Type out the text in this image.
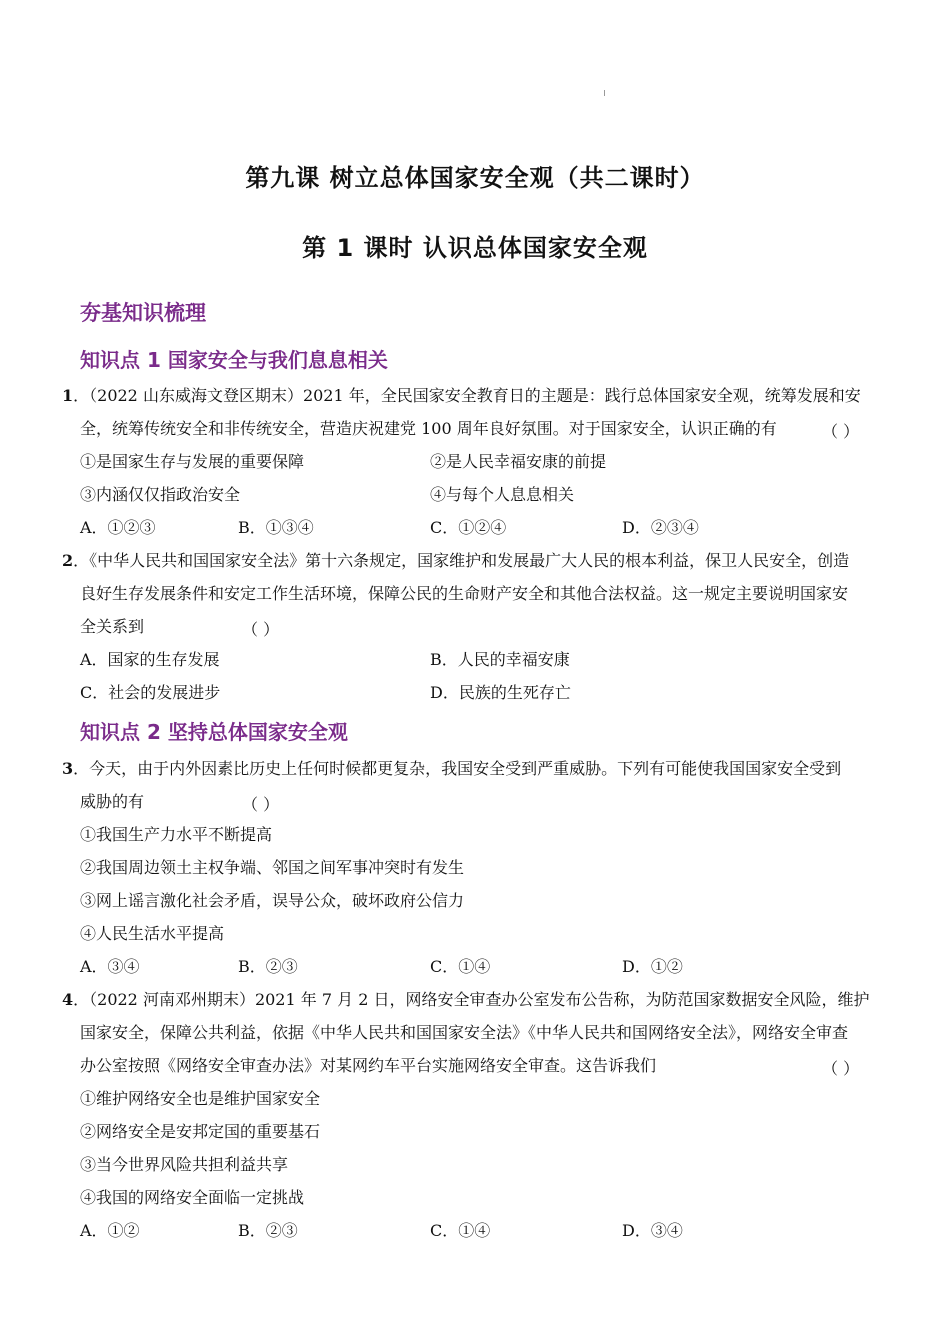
第九课 树立总体国家安全观（共二课时）
第 1 课时 认识总体国家安全观
夯基知识梳理
知识点 1 国家安全与我们息息相关
1．（2022 山东威海文登区期末）2021 年，全民国家安全教育日的主题是：践行总体国家安全观，统筹发展和安
全，统筹传统安全和非传统安全，营造庆祝建党 100 周年良好氛围。对于国家安全，认识正确的有	（ ）
①是国家生存与发展的重要保障	②是人民幸福安康的前提
③内涵仅仅指政治安全	④与每个人息息相关
A．①②③	B．①③④	C．①②④	D．②③④
2．《中华人民共和国国家安全法》第十六条规定，国家维护和发展最广大人民的根本利益，保卫人民安全，创造
良好生存发展条件和安定工作生活环境，保障公民的生命财产安全和其他合法权益。这一规定主要说明国家安
全关系到	（ ）
A．国家的生存发展	B．人民的幸福安康
C．社会的发展进步	D．民族的生死存亡
知识点 2 坚持总体国家安全观
3．今天，由于内外因素比历史上任何时候都更复杂，我国安全受到严重威胁。下列有可能使我国国家安全受到
威胁的有	（ ）
①我国生产力水平不断提高
②我国周边领土主权争端、邻国之间军事冲突时有发生
③网上谣言激化社会矛盾，误导公众，破坏政府公信力
④人民生活水平提高
A．③④	B．②③	C．①④	D．①②
4．（2022 河南邓州期末）2021 年 7 月 2 日，网络安全审查办公室发布公告称，为防范国家数据安全风险，维护
国家安全，保障公共利益，依据《中华人民共和国国家安全法》《中华人民共和国网络安全法》，网络安全审查
办公室按照《网络安全审查办法》对某网约车平台实施网络安全审查。这告诉我们	（ ）
①维护网络安全也是维护国家安全
②网络安全是安邦定国的重要基石
③当今世界风险共担利益共享
④我国的网络安全面临一定挑战
A．①②	B．②③	C．①④	D．③④
